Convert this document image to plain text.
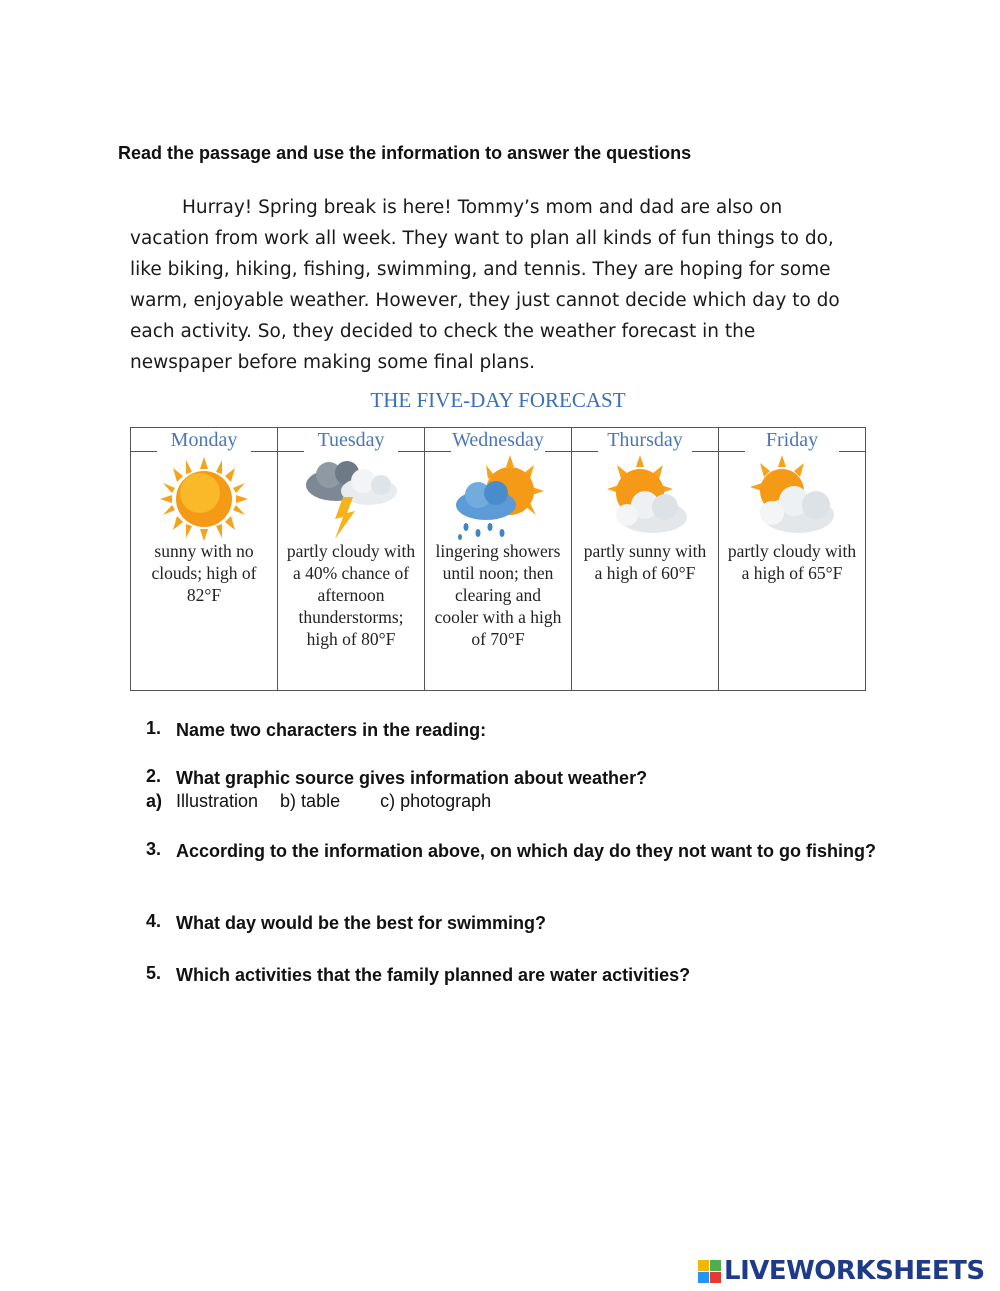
Read the passage and use the information to answer the questions

Hurray! Spring break is here! Tommy’s mom and dad are also on
vacation from work all week. They want to plan all kinds of fun things to do,
like biking, hiking, fishing, swimming, and tennis. They are hoping for some
warm, enjoyable weather. However, they just cannot decide which day to do
each activity. So, they decided to check the weather forecast in the
newspaper before making some final plans.

THE FIVE-DAY FORECAST
Monday
sunny with no clouds; high of 82°F
Tuesday
partly cloudy with a 40% chance of afternoon thunderstorms; high of 80°F
Wednesday
lingering showers until noon; then clearing and cooler with a high of 70°F
Thursday
partly sunny with a high of 60°F
Friday
partly cloudy with a high of 65°F
1. Name two characters in the reading:
2. What graphic source gives information about weather?
a) Illustration b) table c) photograph
3. According to the information above, on which day do they not want to go fishing?
4. What day would be the best for swimming?
5. Which activities that the family planned are water activities?
LIVEWORKSHEETS
